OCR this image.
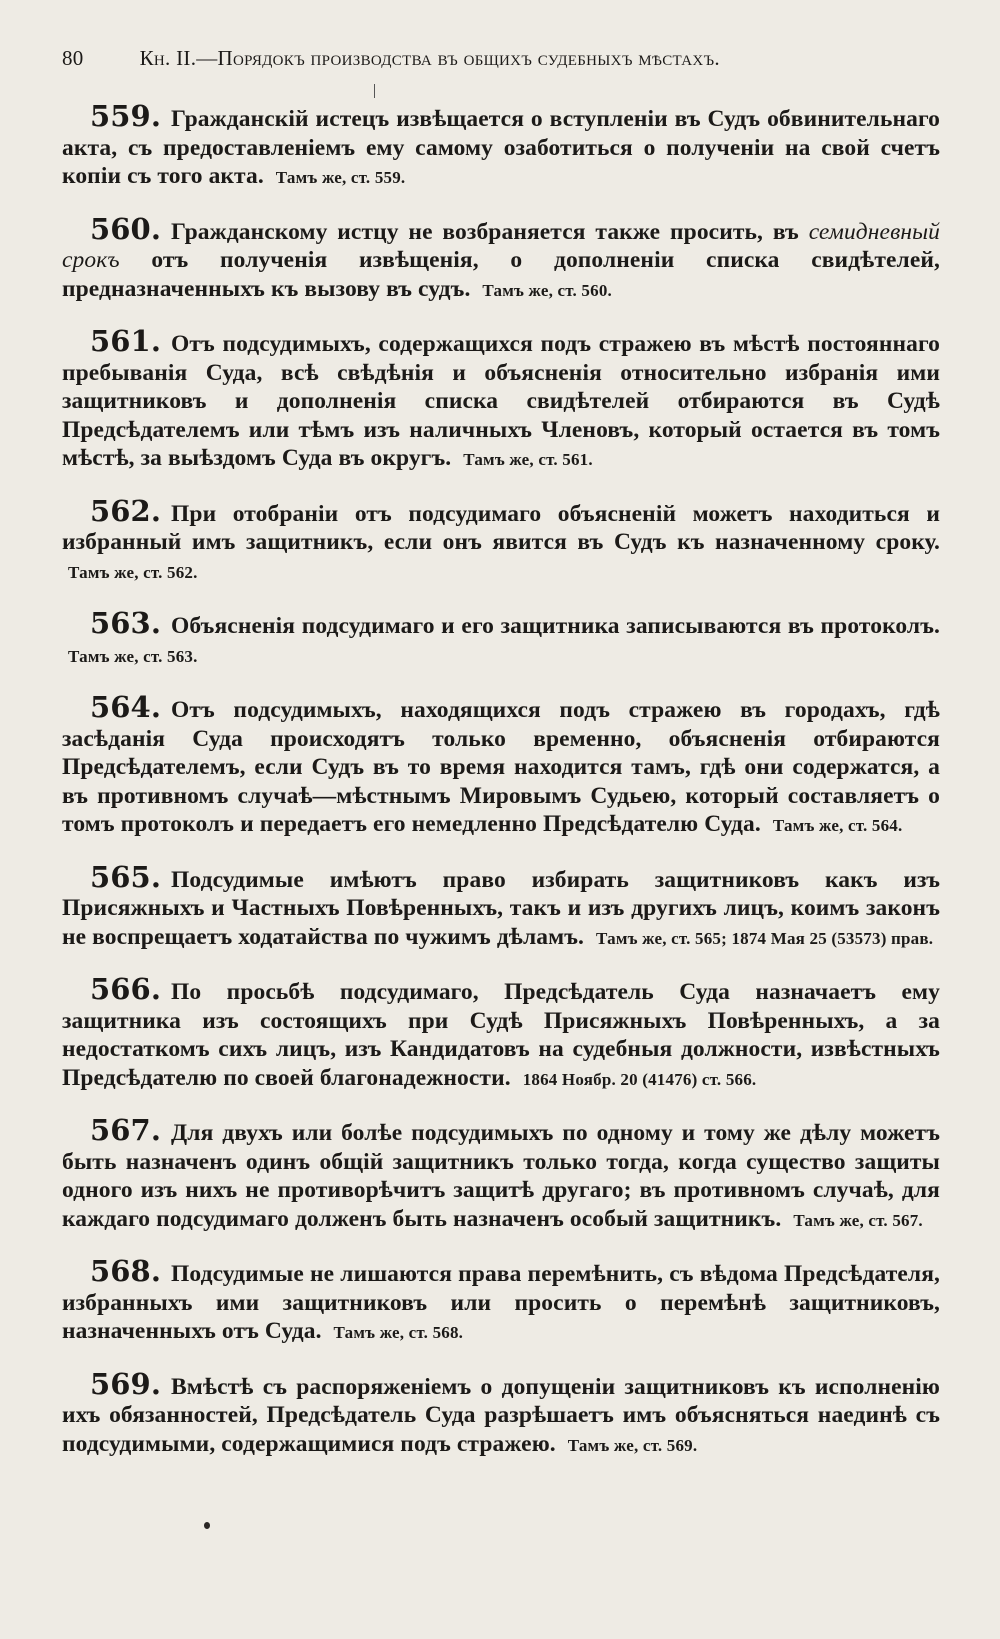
80	Кн. II.—Порядокъ производства въ общихъ судебныхъ мѣстахъ.

559. Гражданскій истецъ извѣщается о вступленіи въ Судъ обвинительнаго акта, съ предоставленіемъ ему самому озаботиться о полученіи на свой счетъ копіи съ того акта. Тамъ же, ст. 559.

560. Гражданскому истцу не возбраняется также просить, въ семидневный срокъ отъ полученія извѣщенія, о дополненіи списка свидѣтелей, предназначенныхъ къ вызову въ судъ. Тамъ же, ст. 560.

561. Отъ подсудимыхъ, содержащихся подъ стражею въ мѣстѣ постояннаго пребыванія Суда, всѣ свѣдѣнія и объясненія относительно избранія ими защитниковъ и дополненія списка свидѣтелей отбираются въ Судѣ Предсѣдателемъ или тѣмъ изъ наличныхъ Членовъ, который остается въ томъ мѣстѣ, за выѣздомъ Суда въ округъ. Тамъ же, ст. 561.

562. При отобраніи отъ подсудимаго объясненій можетъ находиться и избранный имъ защитникъ, если онъ явится въ Судъ къ назначенному сроку. Тамъ же, ст. 562.

563. Объясненія подсудимаго и его защитника записываются въ протоколъ. Тамъ же, ст. 563.

564. Отъ подсудимыхъ, находящихся подъ стражею въ городахъ, гдѣ засѣданія Суда происходятъ только временно, объясненія отбираются Предсѣдателемъ, если Судъ въ то время находится тамъ, гдѣ они содержатся, а въ противномъ случаѣ—мѣстнымъ Мировымъ Судьею, который составляетъ о томъ протоколъ и передаетъ его немедленно Предсѣдателю Суда. Тамъ же, ст. 564.

565. Подсудимые имѣютъ право избирать защитниковъ какъ изъ Присяжныхъ и Частныхъ Повѣренныхъ, такъ и изъ другихъ лицъ, коимъ законъ не воспрещаетъ ходатайства по чужимъ дѣламъ. Тамъ же, ст. 565; 1874 Мая 25 (53573) прав.

566. По просьбѣ подсудимаго, Предсѣдатель Суда назначаетъ ему защитника изъ состоящихъ при Судѣ Присяжныхъ Повѣренныхъ, а за недостаткомъ сихъ лицъ, изъ Кандидатовъ на судебныя должности, извѣстныхъ Предсѣдателю по своей благонадежности. 1864 Ноябр. 20 (41476) ст. 566.

567. Для двухъ или болѣе подсудимыхъ по одному и тому же дѣлу можетъ быть назначенъ одинъ общій защитникъ только тогда, когда существо защиты одного изъ нихъ не противорѣчитъ защитѣ другаго; въ противномъ случаѣ, для каждаго подсудимаго долженъ быть назначенъ особый защитникъ. Тамъ же, ст. 567.

568. Подсудимые не лишаются права перемѣнить, съ вѣдома Предсѣдателя, избранныхъ ими защитниковъ или просить о перемѣнѣ защитниковъ, назначенныхъ отъ Суда. Тамъ же, ст. 568.

569. Вмѣстѣ съ распоряженіемъ о допущеніи защитниковъ къ исполненію ихъ обязанностей, Предсѣдатель Суда разрѣшаетъ имъ объясняться наединѣ съ подсудимыми, содержащимися подъ стражею. Тамъ же, ст. 569.
